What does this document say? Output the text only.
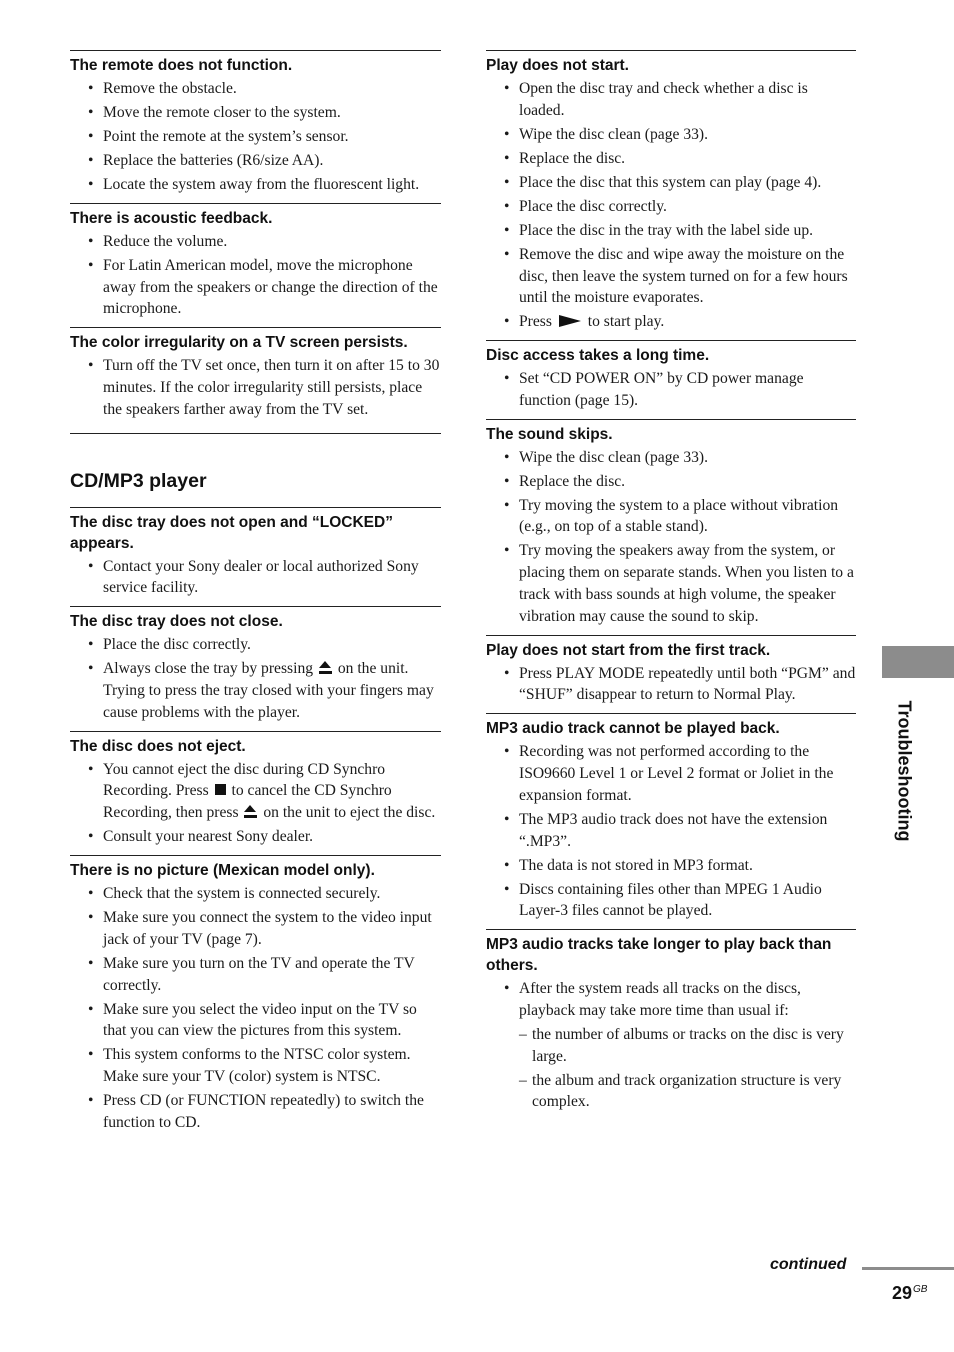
The remote does not function.
• Remove the obstacle.
• Move the remote closer to the system.
• Point the remote at the system’s sensor.
• Replace the batteries (R6/size AA).
• Locate the system away from the fluorescent light.
There is acoustic feedback.
• Reduce the volume.
• For Latin American model, move the microphone away from the speakers or change the direction of the microphone.
The color irregularity on a TV screen persists.
• Turn off the TV set once, then turn it on after 15 to 30 minutes. If the color irregularity still persists, place the speakers farther away from the TV set.
CD/MP3 player
The disc tray does not open and “LOCKED” appears.
• Contact your Sony dealer or local authorized Sony service facility.
The disc tray does not close.
• Place the disc correctly.
• Always close the tray by pressing on the unit. Trying to press the tray closed with your fingers may cause problems with the player.
The disc does not eject.
• You cannot eject the disc during CD Synchro Recording. Press to cancel the CD Synchro Recording, then press on the unit to eject the disc.
• Consult your nearest Sony dealer.
There is no picture (Mexican model only).
• Check that the system is connected securely.
• Make sure you connect the system to the video input jack of your TV (page 7).
• Make sure you turn on the TV and operate the TV correctly.
• Make sure you select the video input on the TV so that you can view the pictures from this system.
• This system conforms to the NTSC color system. Make sure your TV (color) system is NTSC.
• Press CD (or FUNCTION repeatedly) to switch the function to CD.
Play does not start.
• Open the disc tray and check whether a disc is loaded.
• Wipe the disc clean (page 33).
• Replace the disc.
• Place the disc that this system can play (page 4).
• Place the disc correctly.
• Place the disc in the tray with the label side up.
• Remove the disc and wipe away the moisture on the disc, then leave the system turned on for a few hours until the moisture evaporates.
• Press to start play.
Disc access takes a long time.
• Set “CD POWER ON” by CD power manage function (page 15).
The sound skips.
• Wipe the disc clean (page 33).
• Replace the disc.
• Try moving the system to a place without vibration (e.g., on top of a stable stand).
• Try moving the speakers away from the system, or placing them on separate stands. When you listen to a track with bass sounds at high volume, the speaker vibration may cause the sound to skip.
Play does not start from the first track.
• Press PLAY MODE repeatedly until both “PGM” and “SHUF” disappear to return to Normal Play.
MP3 audio track cannot be played back.
• Recording was not performed according to the ISO9660 Level 1 or Level 2 format or Joliet in the expansion format.
• The MP3 audio track does not have the extension “.MP3”.
• The data is not stored in MP3 format.
• Discs containing files other than MPEG 1 Audio Layer-3 files cannot be played.
MP3 audio tracks take longer to play back than others.
• After the system reads all tracks on the discs, playback may take more time than usual if:
– the number of albums or tracks on the disc is very large.
– the album and track organization structure is very complex.
Troubleshooting
continued
$29^{GB}$
